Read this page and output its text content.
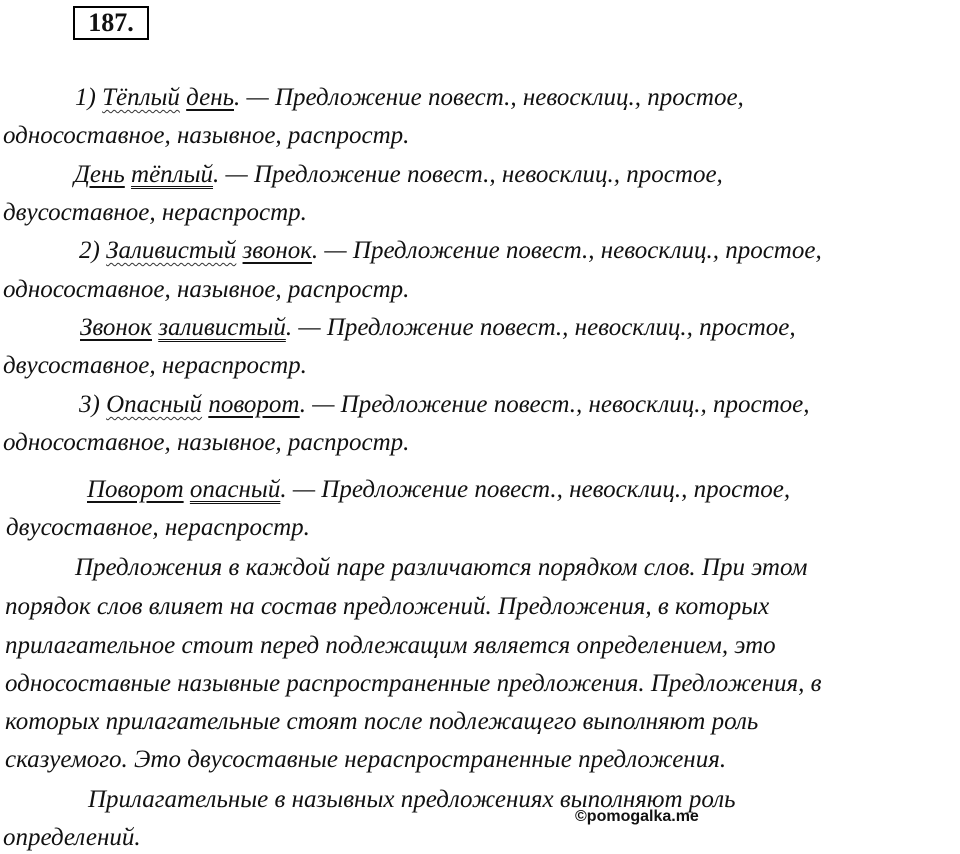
187.
1) Тёплый день. — Предложение повест., невосклиц., простое,
односоставное, назывное, распростр.
День тёплый. — Предложение повест., невосклиц., простое,
двусоставное, нераспростр.
2) Заливистый звонок. — Предложение повест., невосклиц., простое,
односоставное, назывное, распростр.
Звонок заливистый. — Предложение повест., невосклиц., простое,
двусоставное, нераспростр.
3) Опасный поворот. — Предложение повест., невосклиц., простое,
односоставное, назывное, распростр.
Поворот опасный. — Предложение повест., невосклиц., простое,
двусоставное, нераспростр.
Предложения в каждой паре различаются порядком слов. При этом
порядок слов влияет на состав предложений. Предложения, в которых
прилагательное стоит перед подлежащим является определением, это
односоставные назывные распространенные предложения. Предложения, в
которых прилагательные стоят после подлежащего выполняют роль
сказуемого. Это двусоставные нераспространенные предложения.
Прилагательные в назывных предложениях выполняют роль
определений.
©pomogalka.me
